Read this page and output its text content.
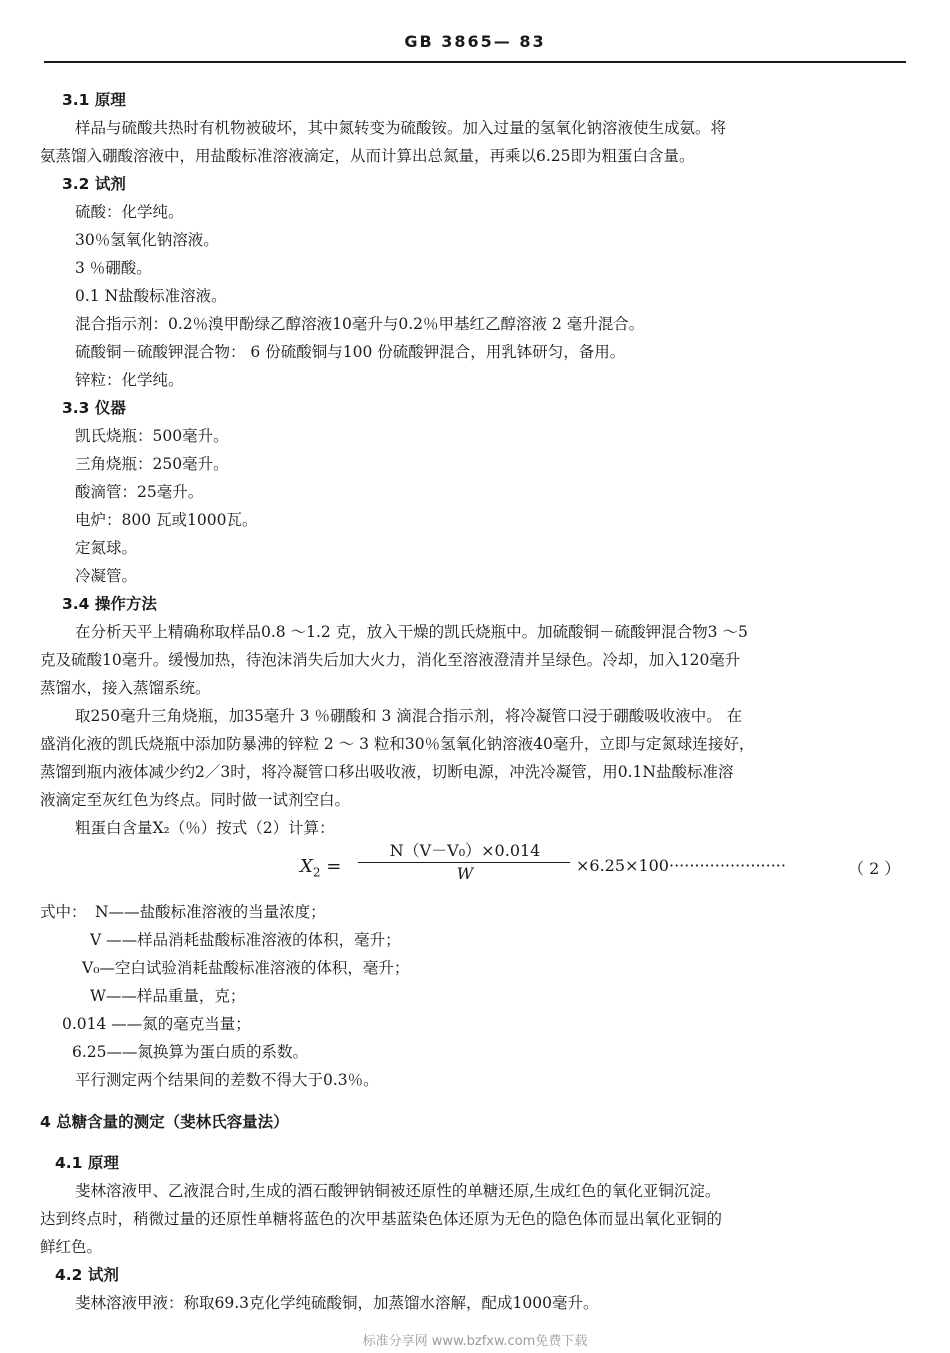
GB 3865— 83
3.1 原理
样品与硫酸共热时有机物被破坏，其中氮转变为硫酸铵。加入过量的氢氧化钠溶液使生成氨。将
氨蒸馏入硼酸溶液中，用盐酸标准溶液滴定，从而计算出总氮量，再乘以6.25即为粗蛋白含量。
3.2 试剂
硫酸：化学纯。
30％氢氧化钠溶液。
3 ％硼酸。
0.1 N盐酸标准溶液。
混合指示剂：0.2％溴甲酚绿乙醇溶液10毫升与0.2％甲基红乙醇溶液 2 毫升混合。
硫酸铜－硫酸钾混合物： 6 份硫酸铜与100 份硫酸钾混合，用乳钵研匀，备用。
锌粒：化学纯。
3.3 仪器
凯氏烧瓶：500毫升。
三角烧瓶：250毫升。
酸滴管：25毫升。
电炉：800 瓦或1000瓦。
定氮球。
冷凝管。
3.4 操作方法
在分析天平上精确称取样品0.8 ～1.2 克，放入干燥的凯氏烧瓶中。加硫酸铜－硫酸钾混合物3 ～5
克及硫酸10毫升。缓慢加热，待泡沫消失后加大火力，消化至溶液澄清并呈绿色。冷却，加入120毫升
蒸馏水，接入蒸馏系统。
取250毫升三角烧瓶，加35毫升 3 ％硼酸和 3 滴混合指示剂，将冷凝管口浸于硼酸吸收液中。 在
盛消化液的凯氏烧瓶中添加防暴沸的锌粒 2 ～ 3 粒和30％氢氧化钠溶液40毫升，立即与定氮球连接好，
蒸馏到瓶内液体减少约2／3时，将冷凝管口移出吸收液，切断电源，冲洗冷凝管，用0.1N盐酸标准溶
液滴定至灰红色为终点。同时做一试剂空白。
粗蛋白含量X₂（％）按式（2）计算：
$X_2$ =
N（V－V₀）×0.014
W	×6.25×100·······················	（ 2 ）
式中： N——盐酸标准溶液的当量浓度；
V ——样品消耗盐酸标准溶液的体积，毫升；
V₀—空白试验消耗盐酸标准溶液的体积，毫升；
W——样品重量，克；
0.014 ——氮的毫克当量；
6.25——氮换算为蛋白质的系数。
平行测定两个结果间的差数不得大于0.3％。
4 总糖含量的测定（斐林氏容量法）
4.1 原理
斐林溶液甲、乙液混合时,生成的酒石酸钾钠铜被还原性的单糖还原,生成红色的氧化亚铜沉淀。
达到终点时，稍微过量的还原性单糖将蓝色的次甲基蓝染色体还原为无色的隐色体而显出氧化亚铜的
鲜红色。
4.2 试剂
斐林溶液甲液：称取69.3克化学纯硫酸铜，加蒸馏水溶解，配成1000毫升。
标准分享网 www.bzfxw.com免费下载
